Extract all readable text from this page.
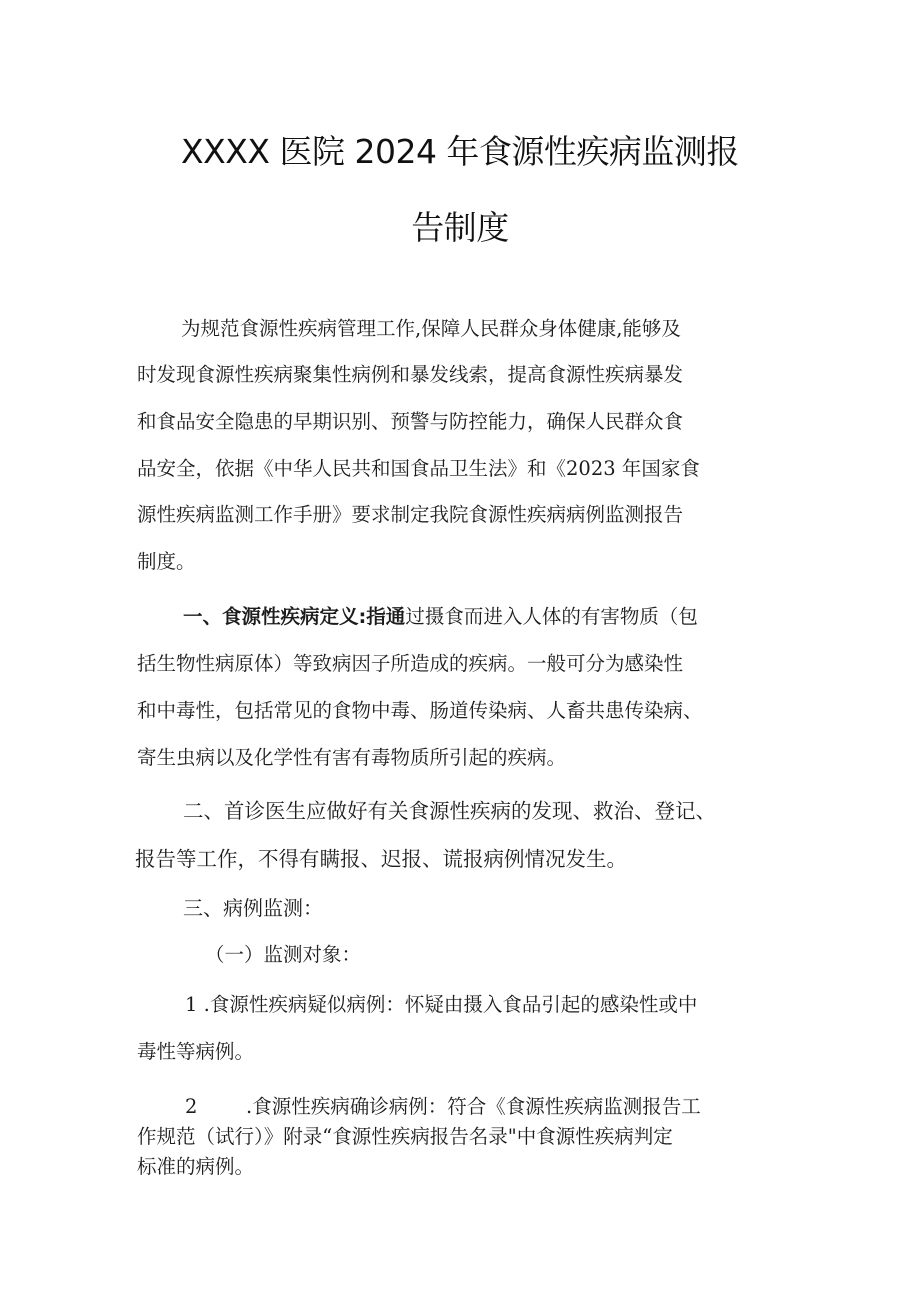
XXXX 医院 2024 年食源性疾病监测报
告制度
为规范食源性疾病管理工作,保障人民群众身体健康,能够及
时发现食源性疾病聚集性病例和暴发线索，提高食源性疾病暴发
和食品安全隐患的早期识别、预警与防控能力，确保人民群众食
品安全，依据《中华人民共和国食品卫生法》和《2023 年国家食
源性疾病监测工作手册》要求制定我院食源性疾病病例监测报告
制度。
一、食源性疾病定义:指通过摄食而进入人体的有害物质（包
括生物性病原体）等致病因子所造成的疾病。一般可分为感染性
和中毒性，包括常见的食物中毒、肠道传染病、人畜共患传染病、
寄生虫病以及化学性有害有毒物质所引起的疾病。
二、首诊医生应做好有关食源性疾病的发现、救治、登记、
报告等工作，不得有瞒报、迟报、谎报病例情况发生。
三、病例监测：
（一）监测对象：
1 .食源性疾病疑似病例：怀疑由摄入食品引起的感染性或中
毒性等病例。
2 .食源性疾病确诊病例：符合《食源性疾病监测报告工
作规范（试行）》附录“食源性疾病报告名录"中食源性疾病判定
标准的病例。
